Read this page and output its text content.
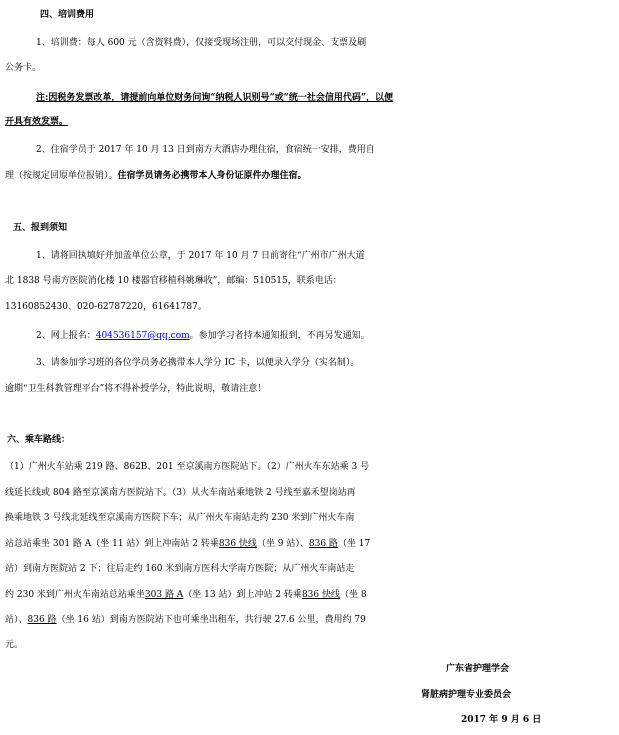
四、培训费用
1、培训费：每人 600 元（含资料费），仅接受现场注册，可以交付现金、支票及刷
公务卡。
注:因税务发票改革，请提前向单位财务问询“纳税人识别号”或“统一社会信用代码”，以便
开具有效发票。
2、住宿学员于 2017 年 10 月 13 日到南方大酒店办理住宿，食宿统一安排，费用自
理（按规定回原单位报销）。住宿学员请务必携带本人身份证原件办理住宿。
五、报到须知
1、请将回执填好并加盖单位公章，于 2017 年 10 月 7 日前寄往“广州市广州大道
北 1838 号南方医院消化楼 10 楼器官移植科姚琳收”，邮编：510515，联系电话：
13160852430、020-62787220，61641787。
2、网上报名：404536157@qq.com。参加学习者持本通知报到，不再另发通知。
3、请参加学习班的各位学员务必携带本人学分 IC 卡，以便录入学分（实名制）。
逾期“卫生科教管理平台”将不得补授学分，特此说明，敬请注意！
六、乘车路线：
（1）广州火车站乘 219 路、862B、201 至京溪南方医院站下。（2）广州火车东站乘 3 号
线延长线或 804 路至京溪南方医院站下。（3）从火车南站乘地铁 2 号线至嘉禾望岗站再
换乘地铁 3 号线北延线至京溪南方医院下车；从广州火车南站走约 230 米到广州火车南
站总站乘坐 301 路 A（坐 11 站）到上冲南站 2 转乘836 快线（坐 9 站）、836 路（坐 17
站）到南方医院站 2 下；往后走约 160 米到南方医科大学南方医院；从广州火车南站走
约 230 米到广州火车南站总站乘坐303 路 A（坐 13 站）到上冲站 2 转乘836 快线（坐 8
站）、836 路（坐 16 站）到南方医院站下也可乘坐出租车，共行驶 27.6 公里，费用约 79
元。
广东省护理学会
肾脏病护理专业委员会
2017 年 9 月 6 日
